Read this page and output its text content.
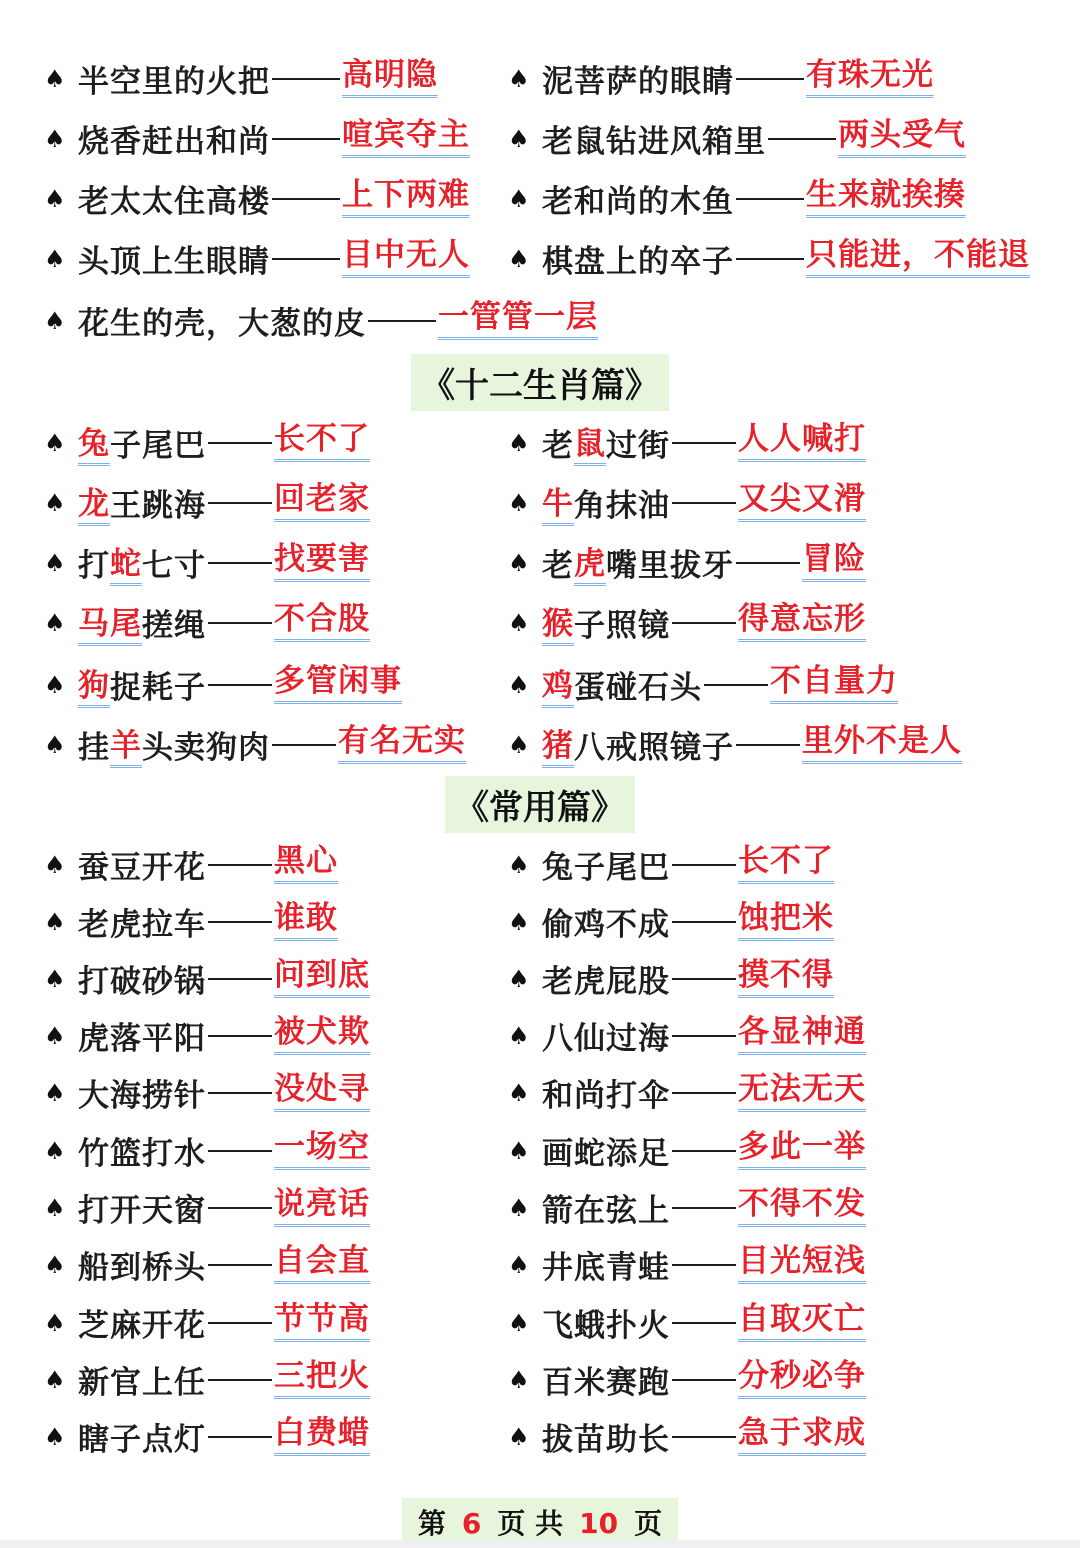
♠ 半空里的火把 高明隐	♠ 泥菩萨的眼睛 有珠无光
♠ 烧香赶出和尚 喧宾夺主 ♠ 老鼠钻进风箱里 两头受气
♠ 老太太住高楼 上下两难 ♠ 老和尚的木鱼 生来就挨揍
♠ 头顶上生眼睛 目中无人 ♠ 棋盘上的卒子 只能进，不能退
♠ 花生的壳，大葱的皮 一管管一层
《十二生肖篇》
♠ 兔 子尾巴 长不了	♠ 老 鼠 过街 人人喊打
♠ 龙 王跳海 回老家	♠ 牛 角抹油 又尖又滑
♠ 打 蛇 七寸 找要害	♠ 老 虎 嘴里拔牙 冒险
♠ 马尾 搓绳 不合股	♠ 猴 子照镜 得意忘形
♠ 狗 捉耗子 多管闲事	♠ 鸡 蛋碰石头 不自量力
♠ 挂 羊 头卖狗肉 有名无实 ♠ 猪 八戒照镜子 里外不是人
《常用篇》
♠ 蚕豆开花 黑心	♠ 兔子尾巴 长不了
♠ 老虎拉车 谁敢	♠ 偷鸡不成 蚀把米
♠ 打破砂锅 问到底	♠ 老虎屁股 摸不得
♠ 虎落平阳 被犬欺	♠ 八仙过海 各显神通
♠ 大海捞针 没处寻	♠ 和尚打伞 无法无天
♠ 竹篮打水 一场空	♠ 画蛇添足 多此一举
♠ 打开天窗 说亮话	♠ 箭在弦上 不得不发
♠ 船到桥头 自会直	♠ 井底青蛙 目光短浅
♠ 芝麻开花 节节高	♠ 飞蛾扑火 自取灭亡
♠ 新官上任 三把火	♠ 百米赛跑 分秒必争
♠ 瞎子点灯 白费蜡	♠ 拔苗助长 急于求成
第 6 页 共 10 页
